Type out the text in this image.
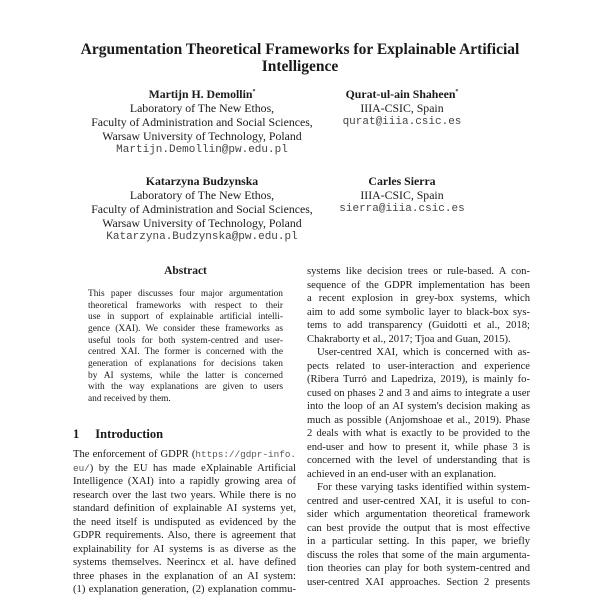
Argumentation Theoretical Frameworks for Explainable Artificial
Intelligence
Martijn H. Demollin*
Laboratory of The New Ethos,
Faculty of Administration and Social Sciences,
Warsaw University of Technology, Poland
Martijn.Demollin@pw.edu.pl
Qurat-ul-ain Shaheen*
IIIA-CSIC, Spain
qurat@iiia.csic.es
Katarzyna Budzynska
Laboratory of The New Ethos,
Faculty of Administration and Social Sciences,
Warsaw University of Technology, Poland
Katarzyna.Budzynska@pw.edu.pl
Carles Sierra
IIIA-CSIC, Spain
sierra@iiia.csic.es
Abstract
1 Introduction
This paper discusses four major argumentation
theoretical frameworks with respect to their
use in support of explainable artificial intelli-
gence (XAI). We consider these frameworks as
useful tools for both system-centred and user-
centred XAI. The former is concerned with the
generation of explanations for decisions taken
by AI systems, while the latter is concerned
with the way explanations are given to users
and received by them.
The enforcement of GDPR (https://gdpr-info.
eu/) by the EU has made eXplainable Artificial
Intelligence (XAI) into a rapidly growing area of
research over the last two years. While there is no
standard definition of explainable AI systems yet,
the need itself is undisputed as evidenced by the
GDPR requirements. Also, there is agreement that
explainability for AI systems is as diverse as the
systems themselves. Neerincx et al. have defined
three phases in the explanation of an AI system:
(1) explanation generation, (2) explanation commu-
systems like decision trees or rule-based. A con-
sequence of the GDPR implementation has been
a recent explosion in grey-box systems, which
aim to add some symbolic layer to black-box sys-
tems to add transparency (Guidotti et al., 2018;
Chakraborty et al., 2017; Tjoa and Guan, 2015).
User-centred XAI, which is concerned with as-
pects related to user-interaction and experience
(Ribera Turró and Lapedriza, 2019), is mainly fo-
cused on phases 2 and 3 and aims to integrate a user
into the loop of an AI system's decision making as
much as possible (Anjomshoae et al., 2019). Phase
2 deals with what is exactly to be provided to the
end-user and how to present it, while phase 3 is
concerned with the level of understanding that is
achieved in an end-user with an explanation.
For these varying tasks identified within system-
centred and user-centred XAI, it is useful to con-
sider which argumentation theoretical framework
can best provide the output that is most effective
in a particular setting. In this paper, we briefly
discuss the roles that some of the main argumenta-
tion theories can play for both system-centred and
user-centred XAI approaches. Section 2 presents
